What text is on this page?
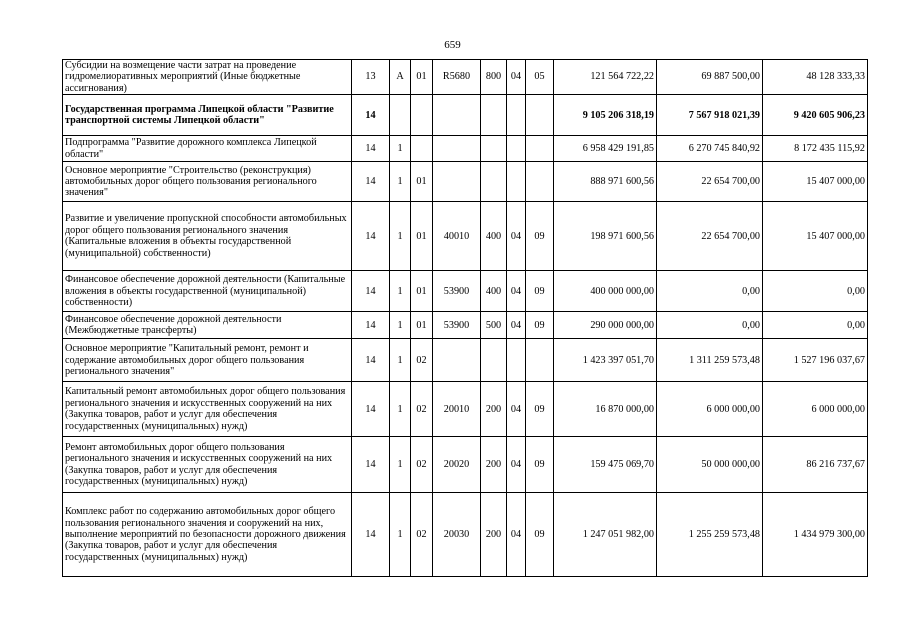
659
Субсидии на возмещение части затрат на проведение гидромелиоративных мероприятий (Иные бюджетные ассигнования)	13	А	01	R5680	800	04	05	121 564 722,22	69 887 500,00	48 128 333,33
Государственная программа Липецкой области "Развитие транспортной системы Липецкой области"	14							9 105 206 318,19	7 567 918 021,39	9 420 605 906,23
Подпрограмма "Развитие дорожного комплекса Липецкой области"	14	1						6 958 429 191,85	6 270 745 840,92	8 172 435 115,92
Основное мероприятие "Строительство (реконструкция) автомобильных дорог общего пользования регионального значения"	14	1	01					888 971 600,56	22 654 700,00	15 407 000,00
Развитие и увеличение пропускной способности автомобильных дорог общего пользования регионального значения (Капитальные вложения в объекты государственной (муниципальной) собственности)	14	1	01	40010	400	04	09	198 971 600,56	22 654 700,00	15 407 000,00
Финансовое обеспечение дорожной деятельности (Капитальные вложения в объекты государственной (муниципальной) собственности)	14	1	01	53900	400	04	09	400 000 000,00	0,00	0,00
Финансовое обеспечение дорожной деятельности (Межбюджетные трансферты)	14	1	01	53900	500	04	09	290 000 000,00	0,00	0,00
Основное мероприятие "Капитальный ремонт, ремонт и содержание автомобильных дорог общего пользования регионального значения"	14	1	02					1 423 397 051,70	1 311 259 573,48	1 527 196 037,67
Капитальный ремонт автомобильных дорог общего пользования регионального значения и искусственных сооружений на них (Закупка товаров, работ и услуг для обеспечения государственных (муниципальных) нужд)	14	1	02	20010	200	04	09	16 870 000,00	6 000 000,00	6 000 000,00
Ремонт автомобильных дорог общего пользования регионального значения и искусственных сооружений на них (Закупка товаров, работ и услуг для обеспечения государственных (муниципальных) нужд)	14	1	02	20020	200	04	09	159 475 069,70	50 000 000,00	86 216 737,67
Комплекс работ по содержанию автомобильных дорог общего пользования регионального значения и сооружений на них, выполнение мероприятий по безопасности дорожного движения (Закупка товаров, работ и услуг для обеспечения государственных (муниципальных) нужд)	14	1	02	20030	200	04	09	1 247 051 982,00	1 255 259 573,48	1 434 979 300,00
